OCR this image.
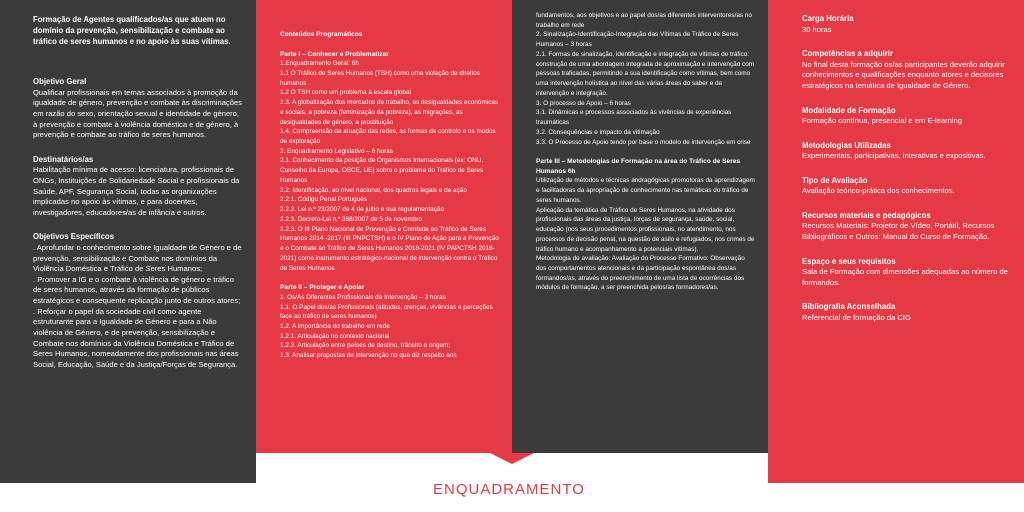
Formação de Agentes qualificados/as que atuem no domínio da prevenção, sensibilização e combate ao tráfico de seres humanos e no apoio às suas vítimas.
Objetivo Geral

Qualificar profissionais em temas associados à promoção da igualdade de género, prevenção e combate às discriminações em razão do sexo, orientação sexual e identidade de género, à prevenção e combate à violência doméstica e de género, à prevenção e combate ao tráfico de seres humanos.

Destinatários/as

Habilitação mínima de acesso: licenciatura, profissionais de ONGs, Instituições de Solidariedade Social e profissionais da Saúde, APF, Segurança Social, todas as organizações implicadas no apoio às vítimas, e para docentes, investigadores, educadores/as de infância e outros.

Objetivos Específicos

. Aprofundar o conhecimento sobre Igualdade de Género e de prevenção, sensibilização e Combate nos domínios da Violência Doméstica e Tráfico de Seres Humanos;

. Promover a IG e o combate à violência de género e tráfico de seres humanos, através da formação de públicos estratégicos e consequente replicação junto de outros atores;

. Reforçar o papel da sociedade civil como agente estruturante para a Igualdade de Género e para a Não violência de Género, e de prevenção, sensibilização e Combate nos domínios da Violência Doméstica e Tráfico de Seres Humanos, nomeadamente dos profissionais nas áreas Social, Educação, Saúde e da Justiça/Forças de Segurança.

Conteúdos Programáticos
Parte I – Conhecer e Problematizar

1.Enquadramento Geral: 6h

1.1 O Tráfico de Seres Humanos (TSH) como uma violação de direitos humanos

1.2 O TSH como um problema à escala global

1.3. A globalização dos mercados de trabalho, as desigualdades económicas e sociais, a pobreza (feminização da pobreza), as migrações, as desigualdades de género, a prostituição

1.4. Compreensão da atuação das redes, as formas de controlo e os modos de exploração

2. Enquadramento Legislativo – 6 horas

2.1. Conhecimento da posição de Organismos Internacionais (ex: ONU, Conselho da Europa, OSCE, UE) sobre o problema do Tráfico de Seres Humanos

2.2. Identificação, ao nível nacional, dos quadros legais e de ação

2.2.1. Código Penal Português

2.2.2. Lei n.º 23/2007 de 4 de julho e sua regulamentação

2.2.3. Decreto-Lei n.º 368/2007 de 5 de novembro

2.2.3. O III Plano Nacional de Prevenção e Combate ao Tráfico de Seres Humanos 2014 -2017 (III PNPCTSH) e o IV Plano de Ação para a Prevenção e o Combate ao Tráfico de Seres Humanos 2018-2021 (IV PAPCTSH 2018-2021) como instrumento estratégico-nacional de intervenção contra o Tráfico de Seres Humanos

Parte II – Proteger e Apoiar

1. Os/As Diferentes Profissionais da Intervenção – 3 horas

1.1. O Papel dos/as Profissionais (atitudes, crenças, vivências e perceções face ao tráfico de seres humanos)

1.2. A importância do trabalho em rede

1.2.1. Articulação no contexto nacional

1.2.2. Articulação entre países de destino, trânsito e origem;

1.3. Analisar propostas de intervenção no que diz respeito aos

fundamentos, aos objetivos e ao papel dos/as diferentes interventores/as no trabalho em rede

2. Sinalização-Identificação-Integração das Vítimas de Tráfico de Seres Humanos – 3 horas

2.1. Formas de sinalização, identificação e integração de vítimas de tráfico: construção de uma abordagem integrada de aproximação e intervenção com pessoas traficadas, permitindo a sua identificação como vítimas, bem como uma intervenção holística ao nível das várias áreas do saber e de intervenção e integração.

3. O processo de Apoio – 6 horas

3.1. Dinâmicas e processos associados às vivências de experiências traumáticas

3.2. Consequências e impacto da vitimação

3.3. O Processo de Apoio tendo por base o modelo de intervenção em crise

Parte III – Metodologias de Formação na área do Tráfico de Seres Humanos 6h

Utilização de métodos e técnicas andragógicas promotoras da aprendizagem e facilitadoras da apropriação de conhecimento nas temáticas do tráfico de seres humanos.

Aplicação da temática de Tráfico de Seres Humanos, na atividade dos profissionais das áreas da justiça, forças de segurança, saúde, social, educação (nos seus procedimentos profissionais, no atendimento, nos processos de decisão penal, na questão de asilo e refugiados, nos crimes de tráfico humano e acompanhamento a potenciais vítimas).

Metodologia de avaliação: Avaliação do Processo Formativo: Observação dos comportamentos atencionais e da participação espontânea dos/as formandos/as, através do preenchimento de uma lista de ocorrências dos módulos de formação, a ser preenchida pelos/as formadores/as.

Carga Horária

30 horas

Competências a adquirir

No final desta formação os/as participantes deverão adquirir conhecimentos e qualificações enquanto atores e decisores estratégicos na temática de Igualdade de Género.

Modalidade de Formação

Formação contínua, presencial e em E-learning

Metodologias Utilizadas

Experimentais, participativas, interativas e expositivas.

Tipo de Avaliação

Avaliação teórico-prática dos conhecimentos.

Recursos materiais e pedagógicos

Recursos Materiais: Projetor de Vídeo, Portátil, Recursos Bibliográficos e Outros: Manual do Curso de Formação.

Espaço e seus requisitos

Sala de Formação com dimensões adequadas ao número de formandos.

Bibliografia Aconselhada

Referencial de formação da CIG

ENQUADRAMENTO
